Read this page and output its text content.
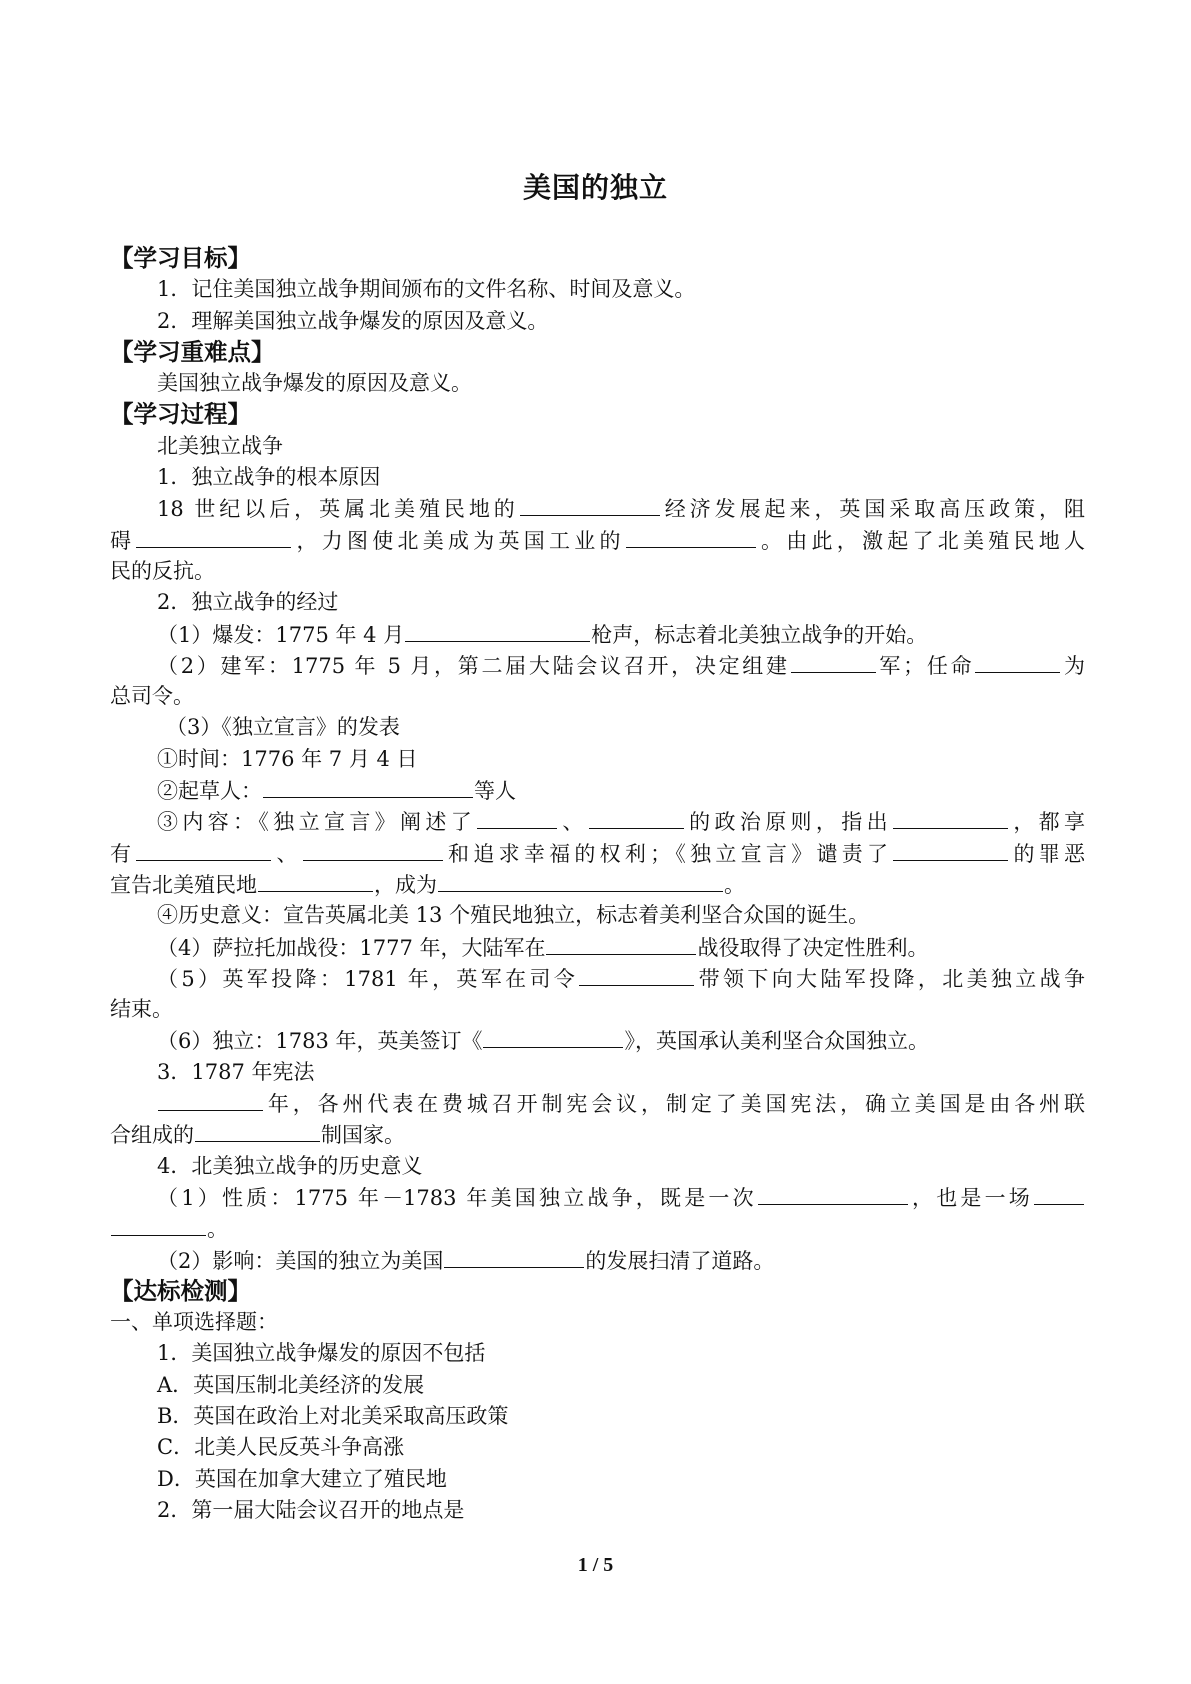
美国的独立
【学习目标】
1．记住美国独立战争期间颁布的文件名称、时间及意义。
2．理解美国独立战争爆发的原因及意义。
【学习重难点】
美国独立战争爆发的原因及意义。
【学习过程】
北美独立战争
1．独立战争的根本原因
18 世纪以后，英属北美殖民地的	经济发展起来，英国采取高压政策，阻
碍	，力图使北美成为英国工业的	。由此，激起了北美殖民地人
民的反抗。
2．独立战争的经过
（1）爆发：1775 年 4 月	枪声，标志着北美独立战争的开始。
（2）建军：1775 年 5 月，第二届大陆会议召开，决定组建	军；任命	为
总司令。
（3）《独立宣言》的发表
①时间：1776 年 7 月 4 日
②起草人：	等人
③内容：《独立宣言》阐述了	、	的政治原则，指出	，都享
有	、	和追求幸福的权利；《独立宣言》谴责了	的罪恶
宣告北美殖民地	，成为	。
④历史意义：宣告英属北美 13 个殖民地独立，标志着美利坚合众国的诞生。
（4）萨拉托加战役：1777 年，大陆军在	战役取得了决定性胜利。
（5）英军投降：1781 年，英军在司令	带领下向大陆军投降，北美独立战争
结束。
（6）独立：1783 年，英美签订《	》，英国承认美利坚合众国独立。
3．1787 年宪法
年，各州代表在费城召开制宪会议，制定了美国宪法，确立美国是由各州联
合组成的	制国家。
4．北美独立战争的历史意义
（1）性质：1775 年－1783 年美国独立战争，既是一次	，也是一场
。
（2）影响：美国的独立为美国	的发展扫清了道路。
【达标检测】
一、单项选择题：
1．美国独立战争爆发的原因不包括
A．英国压制北美经济的发展
B．英国在政治上对北美采取高压政策
C．北美人民反英斗争高涨
D．英国在加拿大建立了殖民地
2．第一届大陆会议召开的地点是
1 / 5
